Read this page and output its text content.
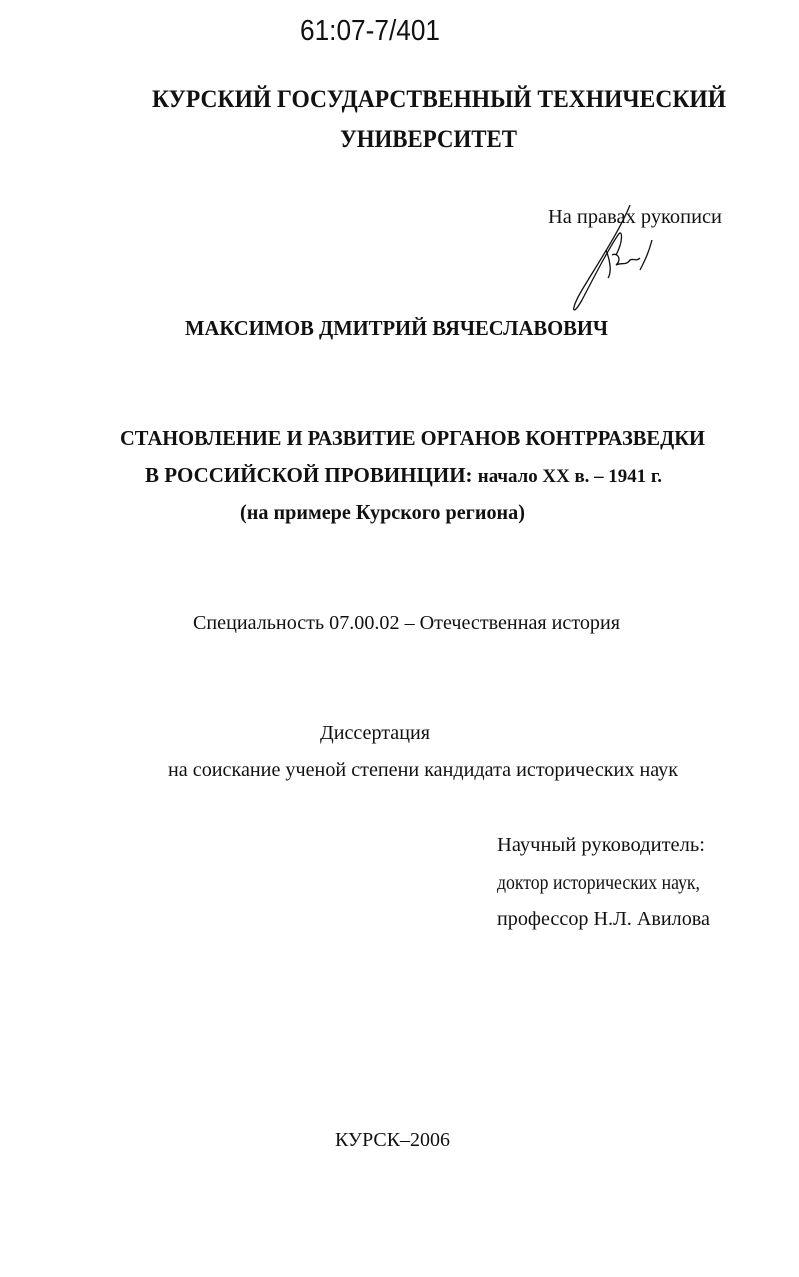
61:07-7/401
КУРСКИЙ ГОСУДАРСТВЕННЫЙ ТЕХНИЧЕСКИЙ
УНИВЕРСИТЕТ
На правах рукописи
МАКСИМОВ ДМИТРИЙ ВЯЧЕСЛАВОВИЧ
СТАНОВЛЕНИЕ И РАЗВИТИЕ ОРГАНОВ КОНТРРАЗВЕДКИ
В РОССИЙСКОЙ ПРОВИНЦИИ: начало XX в. – 1941 г.
(на примере Курского региона)
Специальность 07.00.02 – Отечественная история
Диссертация
на соискание ученой степени кандидата исторических наук
Научный руководитель:
доктор исторических наук,
профессор Н.Л. Авилова
КУРСК–2006
